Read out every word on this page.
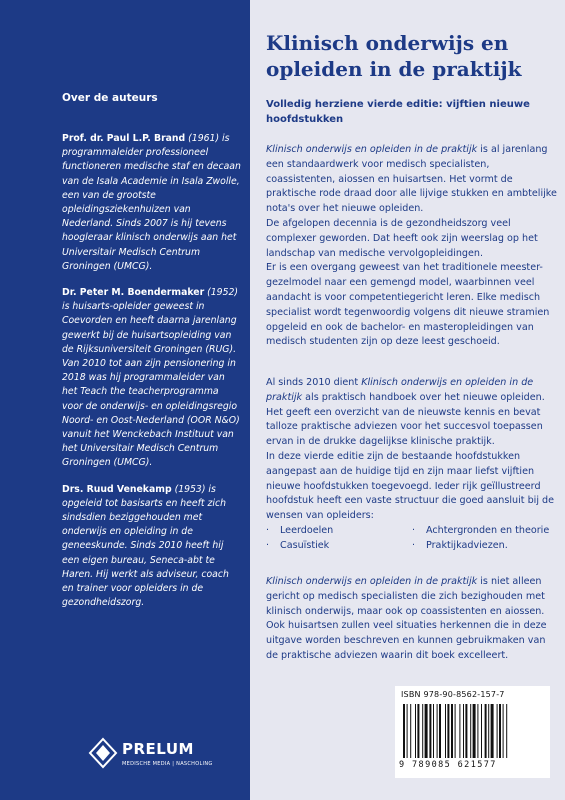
Over de auteurs
Prof. dr. Paul L.P. Brand (1961) is programmaleider professioneel functioneren medische staf en decaan van de Isala Academie in Isala Zwolle, een van de grootste opleidingsziekenhuizen van Nederland. Sinds 2007 is hij tevens hoogleraar klinisch onderwijs aan het Universitair Medisch Centrum Groningen (UMCG).
Dr. Peter M. Boendermaker (1952) is huisarts-opleider geweest in Coevorden en heeft daarna jarenlang gewerkt bij de huisartsopleiding van de Rijksuniversiteit Groningen (RUG). Van 2010 tot aan zijn pensionering in 2018 was hij programmaleider van het Teach the teacherprogramma voor de onderwijs- en opleidingsregio Noord- en Oost-Nederland (OOR N&O) vanuit het Wenckebach Instituut van het Universitair Medisch Centrum Groningen (UMCG).
Drs. Ruud Venekamp (1953) is opgeleid tot basisarts en heeft zich sindsdien beziggehouden met onderwijs en opleiding in de geneeskunde. Sinds 2010 heeft hij een eigen bureau, Seneca-abt te Haren. Hij werkt als adviseur, coach en trainer voor opleiders in de gezondheidszorg.
PRELUM
MEDISCHE MEDIA | NASCHOLING
Klinisch onderwijs en opleiden in de praktijk
Volledig herziene vierde editie: vijftien nieuwe hoofdstukken

Klinisch onderwijs en opleiden in de praktijk is al jarenlang een standaardwerk voor medisch specialisten, coassistenten, aiossen en huisartsen. Het vormt de praktische rode draad door alle lijvige stukken en ambtelijke nota's over het nieuwe opleiden.

De afgelopen decennia is de gezondheidszorg veel complexer geworden. Dat heeft ook zijn weerslag op het landschap van medische vervolgopleidingen.

Er is een overgang geweest van het traditionele meester-gezelmodel naar een gemengd model, waarbinnen veel aandacht is voor competentiegericht leren. Elke medisch specialist wordt tegenwoordig volgens dit nieuwe stramien opgeleid en ook de bachelor- en masteropleidingen van medisch studenten zijn op deze leest geschoeid.

Al sinds 2010 dient Klinisch onderwijs en opleiden in de praktijk als praktisch handboek over het nieuwe opleiden. Het geeft een overzicht van de nieuwste kennis en bevat talloze praktische adviezen voor het succesvol toepassen ervan in de drukke dagelijkse klinische praktijk.

In deze vierde editie zijn de bestaande hoofdstukken aangepast aan de huidige tijd en zijn maar liefst vijftien nieuwe hoofdstukken toegevoegd. Ieder rijk geïllustreerd hoofdstuk heeft een vaste structuur die goed aansluit bij de wensen van opleiders:

·	Leerdoelen	·	Achtergronden en theorie
·	Casuïstiek	·	Praktijkadviezen.

Klinisch onderwijs en opleiden in de praktijk is niet alleen gericht op medisch specialisten die zich bezighouden met klinisch onderwijs, maar ook op coassistenten en aiossen.

Ook huisartsen zullen veel situaties herkennen die in deze uitgave worden beschreven en kunnen gebruikmaken van de praktische adviezen waarin dit boek excelleert.

ISBN 978-90-8562-157-7
9 789085 621577
